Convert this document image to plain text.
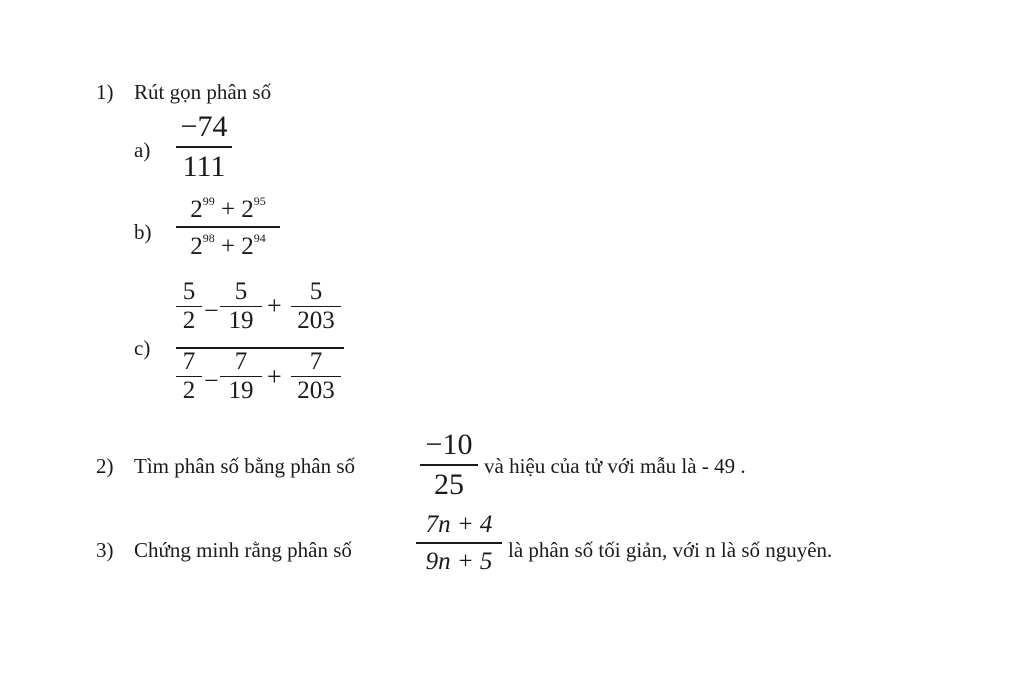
1) Rút gọn phân số
a)
−74
111
b)
$2^{99} + 2^{95}$
$2^{98} + 2^{94}$
c)
5
2 −
5
19
+	5
203
7
2 −
7
19 +
7
203
2) Tìm phân số bằng phân số
−10
25
và hiệu của tử với mẫu là - 49 .
3) Chứng minh rằng phân số
7n + 4
9n + 5 là phân số tối giản, với n là số nguyên.
